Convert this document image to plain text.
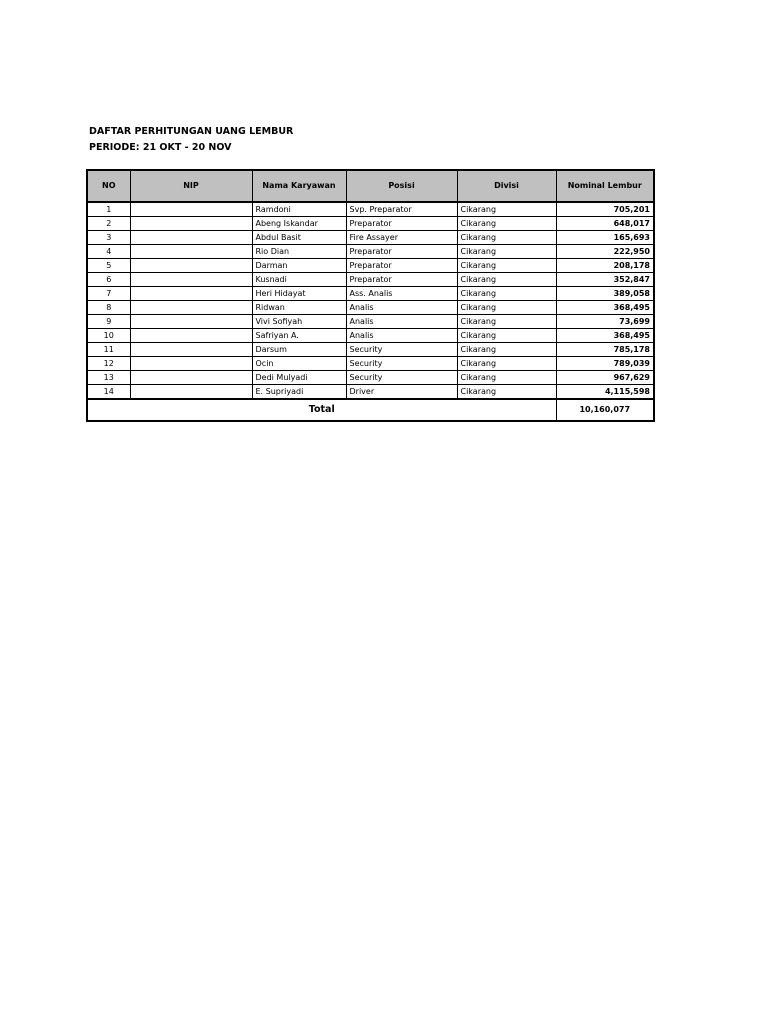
DAFTAR PERHITUNGAN UANG LEMBUR
PERIODE: 21 OKT - 20 NOV
NO	NIP	Nama Karyawan	Posisi	Divisi	Nominal Lembur
1		Ramdoni	Svp. Preparator	Cikarang	705,201
2		Abeng Iskandar	Preparator	Cikarang	648,017
3		Abdul Basit	Fire Assayer	Cikarang	165,693
4		Rio Dian	Preparator	Cikarang	222,950
5		Darman	Preparator	Cikarang	208,178
6		Kusnadi	Preparator	Cikarang	352,847
7		Heri Hidayat	Ass. Analis	Cikarang	389,058
8		Ridwan	Analis	Cikarang	368,495
9		Vivi Sofiyah	Analis	Cikarang	73,699
10		Safriyan A.	Analis	Cikarang	368,495
11		Darsum	Security	Cikarang	785,178
12		Ocin	Security	Cikarang	789,039
13		Dedi Mulyadi	Security	Cikarang	967,629
14		E. Supriyadi	Driver	Cikarang	4,115,598
Total					10,160,077
